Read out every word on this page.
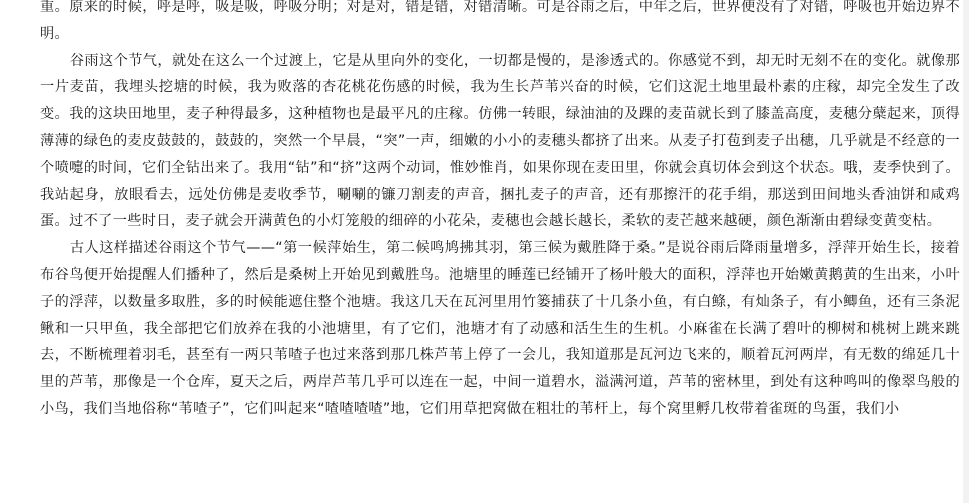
重。原来的时候，呼是呼，吸是吸，呼吸分明；对是对，错是错，对错清晰。可是谷雨之后，中年之后，世界便没有了对错，呼吸也开始边界不明。

谷雨这个节气，就处在这么一个过渡上，它是从里向外的变化，一切都是慢的，是渗透式的。你感觉不到，却无时无刻不在的变化。就像那一片麦苗，我埋头挖塘的时候，我为败落的杏花桃花伤感的时候，我为生长芦苇兴奋的时候，它们这泥土地里最朴素的庄稼，却完全发生了改变。我的这块田地里，麦子种得最多，这种植物也是最平凡的庄稼。仿佛一转眼，绿油油的及踝的麦苗就长到了膝盖高度，麦穗分蘖起来，顶得薄薄的绿色的麦皮鼓鼓的，鼓鼓的，突然一个早晨，“突”一声，细嫩的小小的麦穗头都挤了出来。从麦子打苞到麦子出穗，几乎就是不经意的一个喷嚏的时间，它们全钻出来了。我用“钻”和“挤”这两个动词，惟妙惟肖，如果你现在麦田里，你就会真切体会到这个状态。哦，麦季快到了。我站起身，放眼看去，远处仿佛是麦收季节，唰唰的镰刀割麦的声音，捆扎麦子的声音，还有那擦汗的花手绢，那送到田间地头香油饼和咸鸡蛋。过不了一些时日，麦子就会开满黄色的小灯笼般的细碎的小花朵，麦穗也会越长越长，柔软的麦芒越来越硬，颜色渐渐由碧绿变黄变枯。

古人这样描述谷雨这个节气——“第一候萍始生，第二候鸣鸠拂其羽，第三候为戴胜降于桑。”是说谷雨后降雨量增多，浮萍开始生长，接着布谷鸟便开始提醒人们播种了，然后是桑树上开始见到戴胜鸟。池塘里的睡莲已经铺开了杨叶般大的面积，浮萍也开始嫩黄鹅黄的生出来，小叶子的浮萍，以数量多取胜，多的时候能遮住整个池塘。我这几天在瓦河里用竹篓捕获了十几条小鱼，有白鲦，有灿条子，有小鲫鱼，还有三条泥鳅和一只甲鱼，我全部把它们放养在我的小池塘里，有了它们，池塘才有了动感和活生生的生机。小麻雀在长满了碧叶的柳树和桃树上跳来跳去，不断梳理着羽毛，甚至有一两只苇喳子也过来落到那几株芦苇上停了一会儿，我知道那是瓦河边飞来的，顺着瓦河两岸，有无数的绵延几十里的芦苇，那像是一个仓库，夏天之后，两岸芦苇几乎可以连在一起，中间一道碧水，溢满河道，芦苇的密林里，到处有这种鸣叫的像翠鸟般的小鸟，我们当地俗称“苇喳子”，它们叫起来“喳喳喳喳”地，它们用草把窝做在粗壮的苇杆上，每个窝里孵几枚带着雀斑的鸟蛋，我们小
